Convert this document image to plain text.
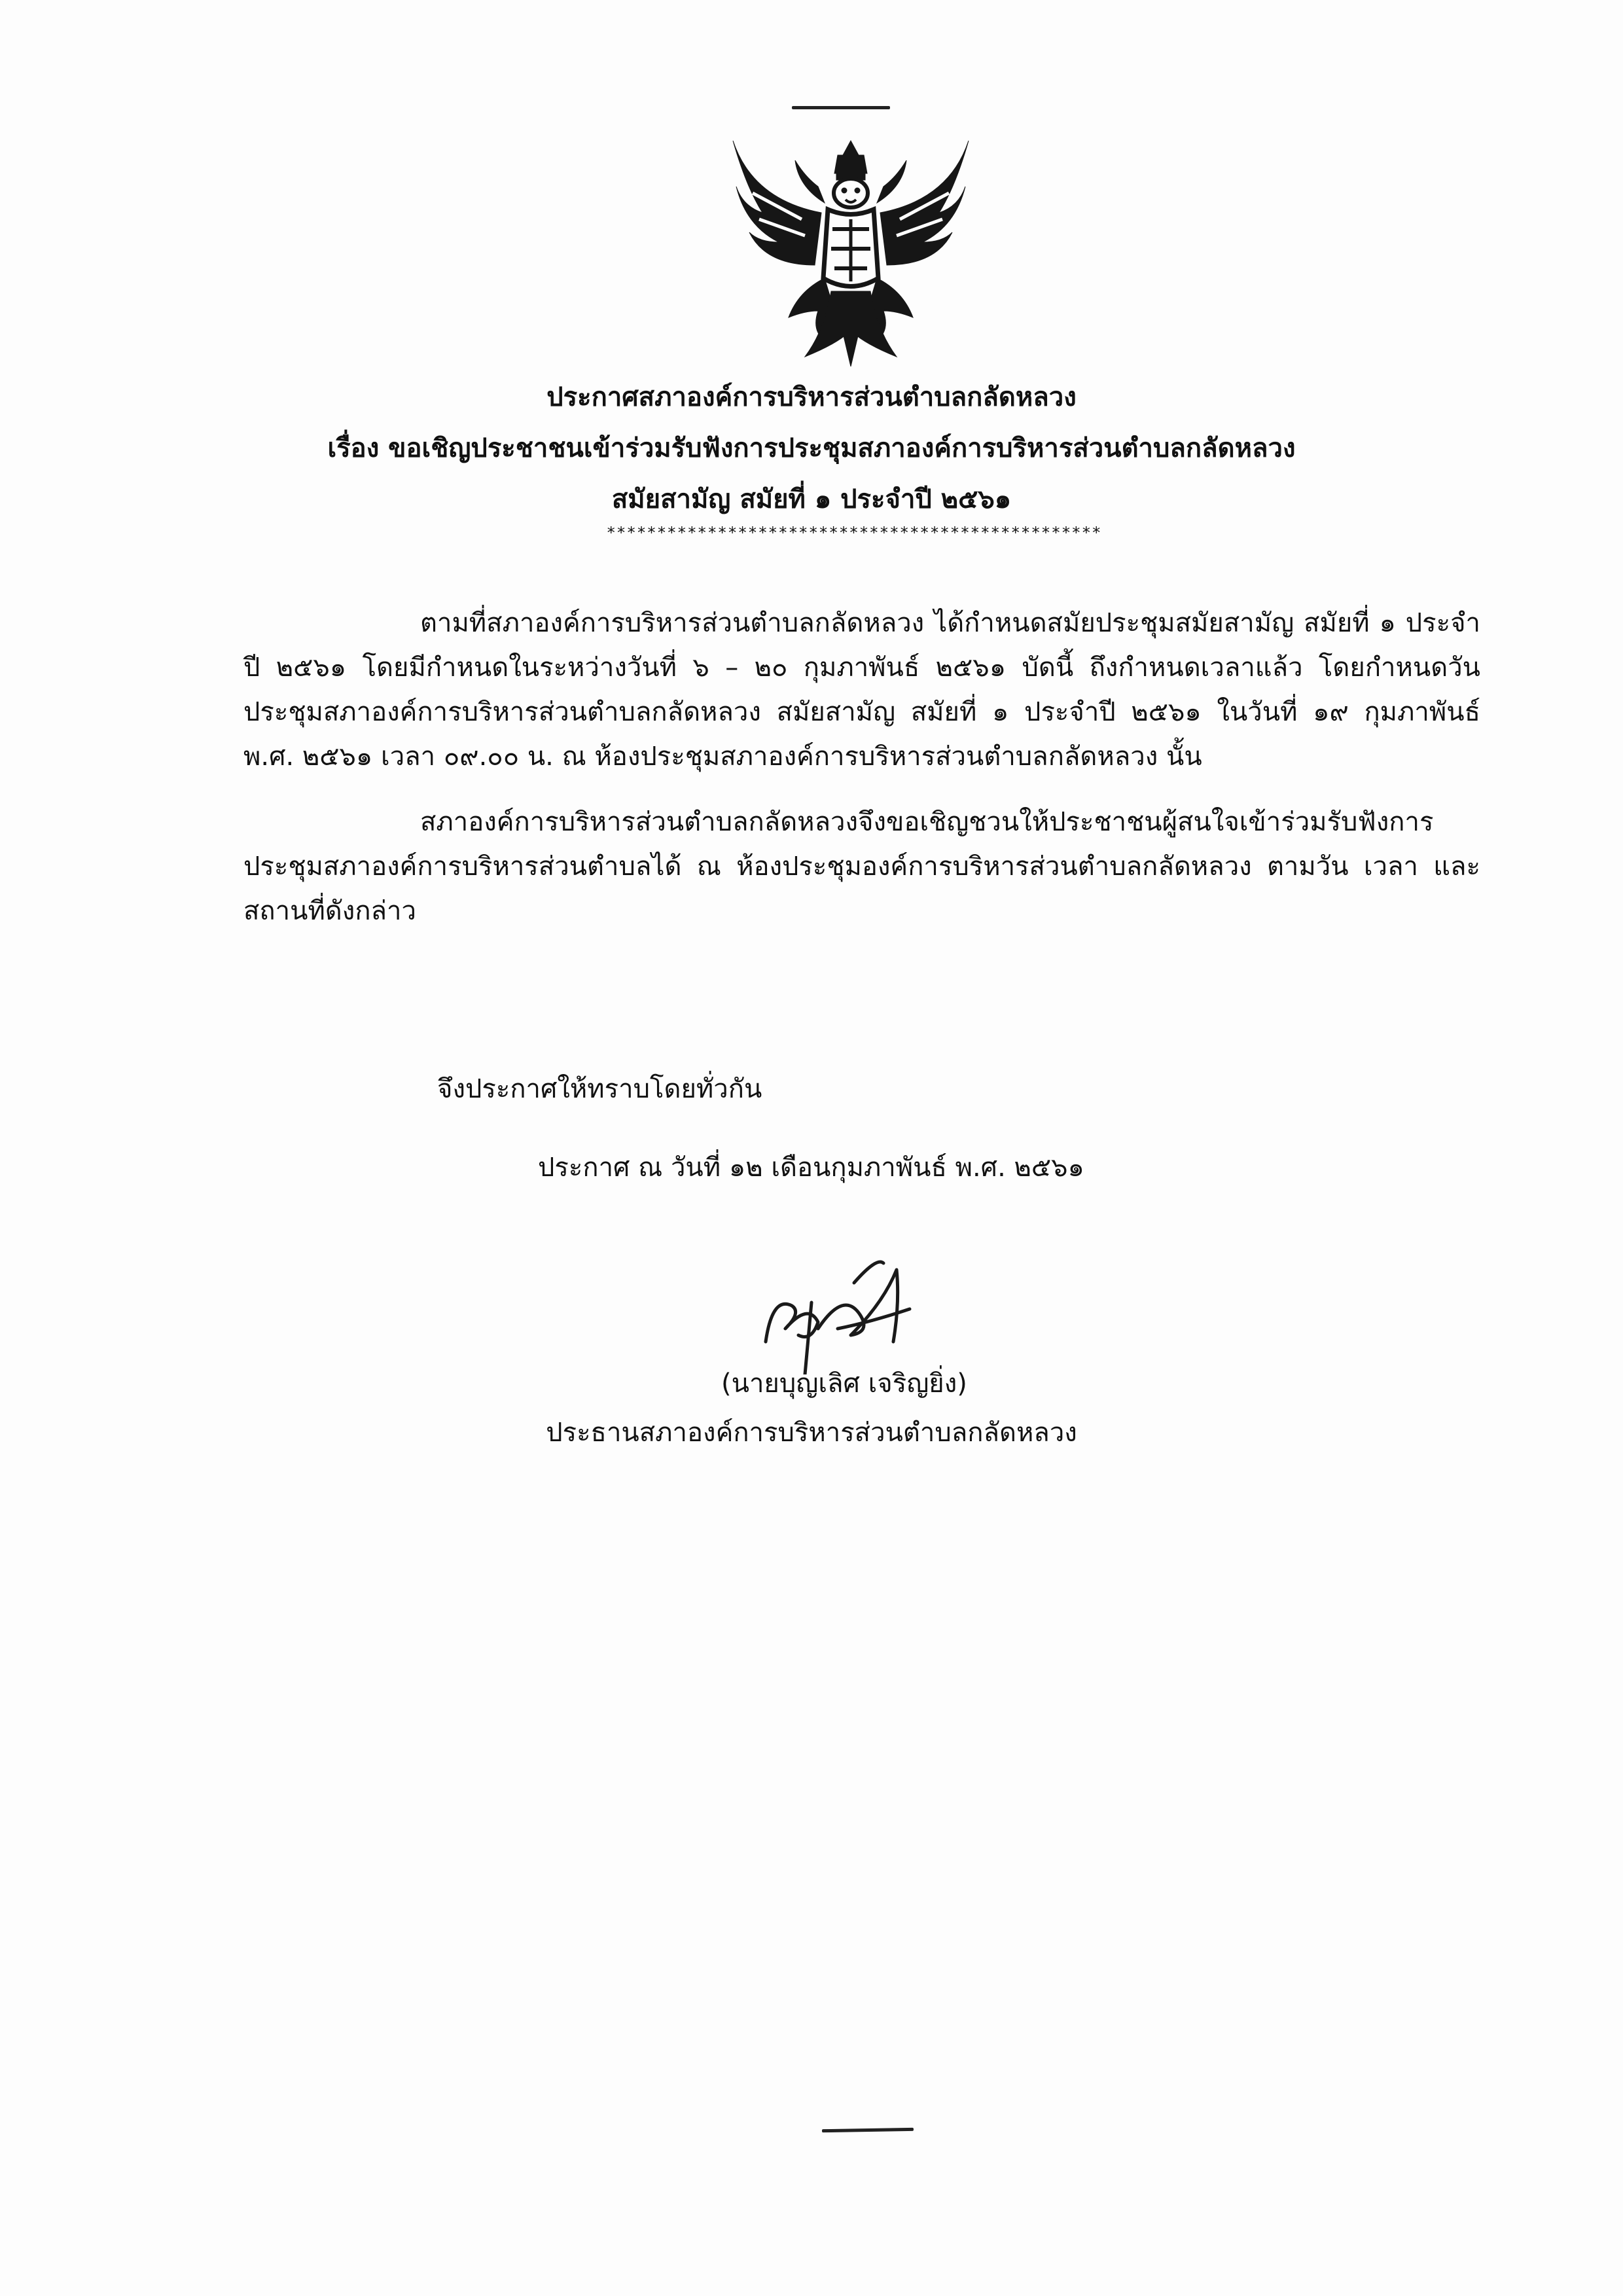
ประกาศสภาองค์การบริหารส่วนตำบลกลัดหลวง
เรื่อง ขอเชิญประชาชนเข้าร่วมรับฟังการประชุมสภาองค์การบริหารส่วนตำบลกลัดหลวง
สมัยสามัญ สมัยที่ ๑ ประจำปี ๒๕๖๑
*************************************************

ตามที่สภาองค์การบริหารส่วนตำบลกลัดหลวง ได้กำหนดสมัยประชุมสมัยสามัญ สมัยที่ ๑ ประจำปี ๒๕๖๑ โดยมีกำหนดในระหว่างวันที่ ๖ – ๒๐ กุมภาพันธ์ ๒๕๖๑ บัดนี้ ถึงกำหนดเวลาแล้ว โดยกำหนดวันประชุมสภาองค์การบริหารส่วนตำบลกลัดหลวง สมัยสามัญ สมัยที่ ๑ ประจำปี ๒๕๖๑ ในวันที่ ๑๙ กุมภาพันธ์ พ.ศ. ๒๕๖๑ เวลา ๐๙.๐๐ น. ณ ห้องประชุมสภาองค์การบริหารส่วนตำบลกลัดหลวง นั้น

สภาองค์การบริหารส่วนตำบลกลัดหลวงจึงขอเชิญชวนให้ประชาชนผู้สนใจเข้าร่วมรับฟังการประชุมสภาองค์การบริหารส่วนตำบลได้ ณ ห้องประชุมองค์การบริหารส่วนตำบลกลัดหลวง ตามวัน เวลา และสถานที่ดังกล่าว

จึงประกาศให้ทราบโดยทั่วกัน
ประกาศ ณ วันที่ ๑๒ เดือนกุมภาพันธ์ พ.ศ. ๒๕๖๑
(นายบุญเลิศ เจริญยิ่ง)
ประธานสภาองค์การบริหารส่วนตำบลกลัดหลวง
